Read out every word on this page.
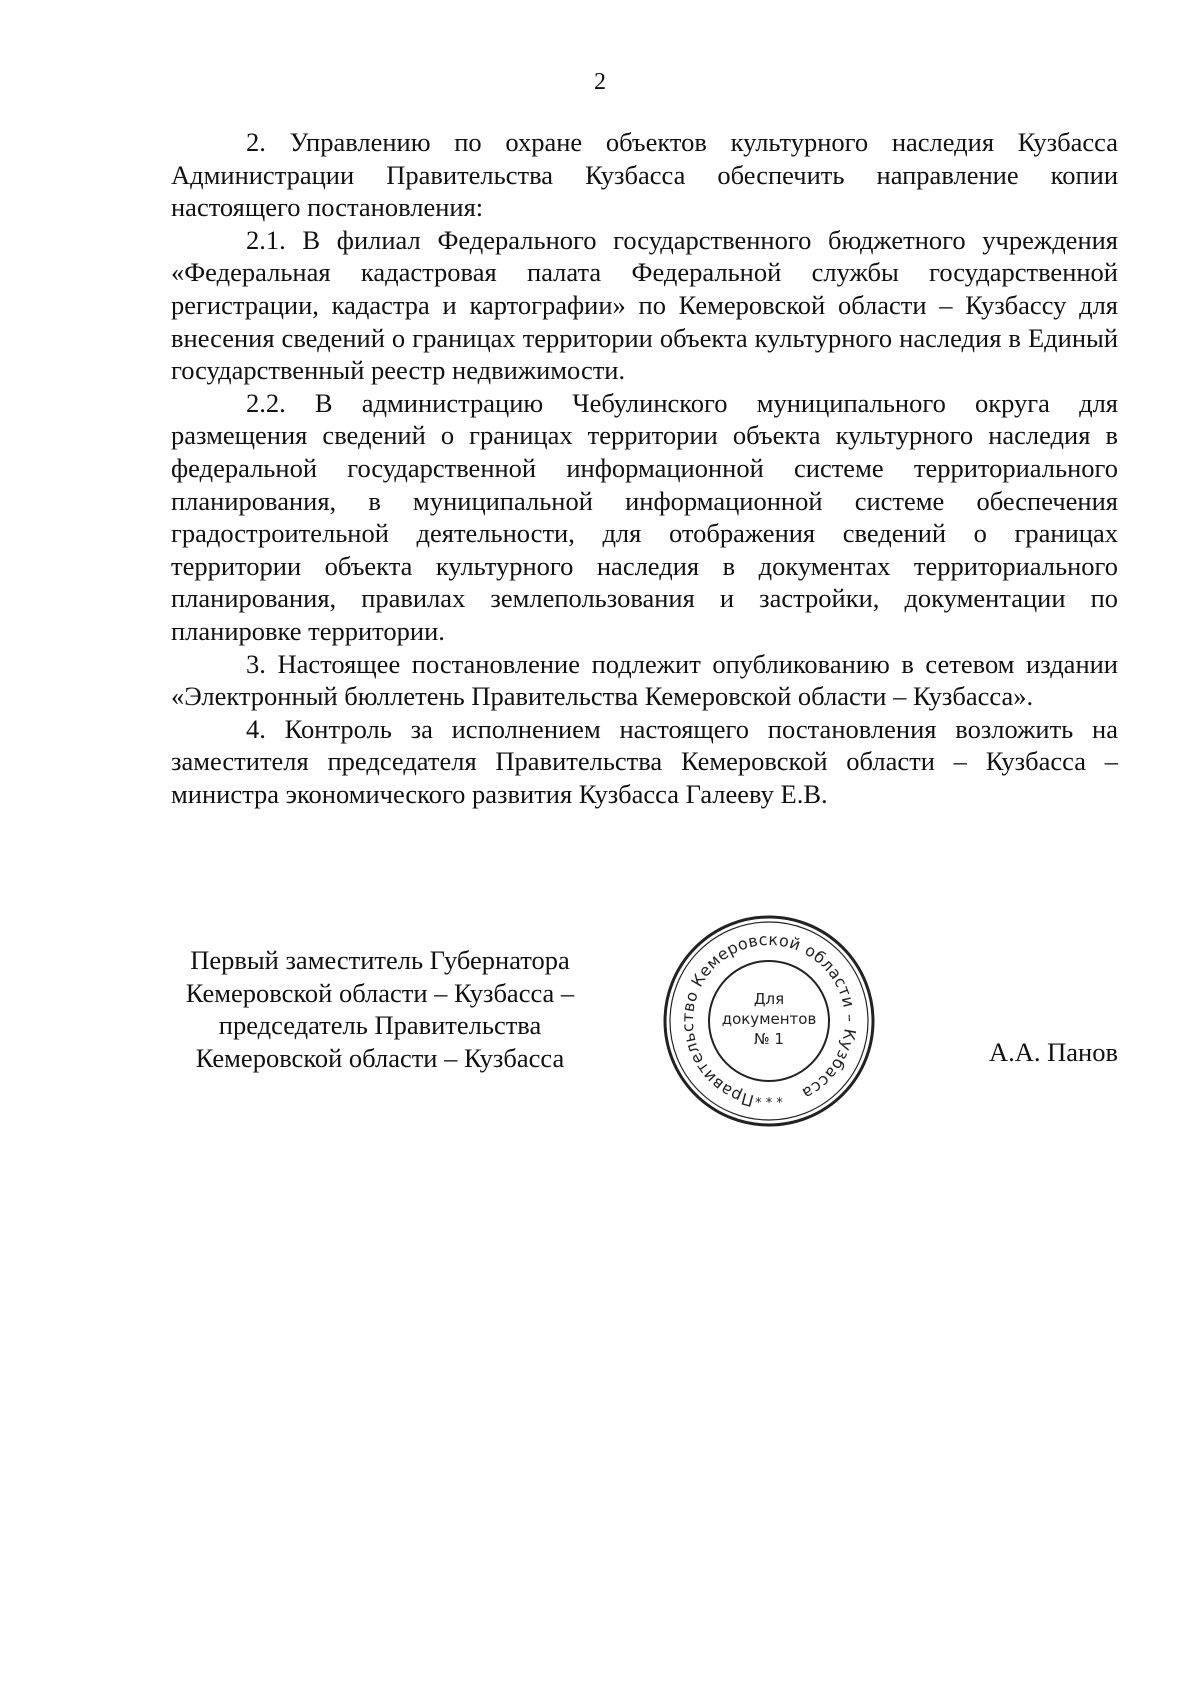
2

2. Управлению по охране объектов культурного наследия Кузбасса Администрации Правительства Кузбасса обеспечить направление копии настоящего постановления:

2.1. В филиал Федерального государственного бюджетного учреждения «Федеральная кадастровая палата Федеральной службы государственной регистрации, кадастра и картографии» по Кемеровской области – Кузбассу для внесения сведений о границах территории объекта культурного наследия в Единый государственный реестр недвижимости.

2.2. В администрацию Чебулинского муниципального округа для размещения сведений о границах территории объекта культурного наследия в федеральной государственной информационной системе территориального планирования, в муниципальной информационной системе обеспечения градостроительной деятельности, для отображения сведений о границах территории объекта культурного наследия в документах территориального планирования, правилах землепользования и застройки, документации по планировке территории.

3. Настоящее постановление подлежит опубликованию в сетевом издании «Электронный бюллетень Правительства Кемеровской области – Кузбасса».

4. Контроль за исполнением настоящего постановления возложить на заместителя председателя Правительства Кемеровской области – Кузбасса – министра экономического развития Кузбасса Галееву Е.В.

Первый заместитель Губернатора
Кемеровской области – Кузбасса –
председатель Правительства
Кемеровской области – Кузбасса
Правительство Кемеровской области – Кузбасса
Для
документов
№ 1
* * *
А.А. Панов
